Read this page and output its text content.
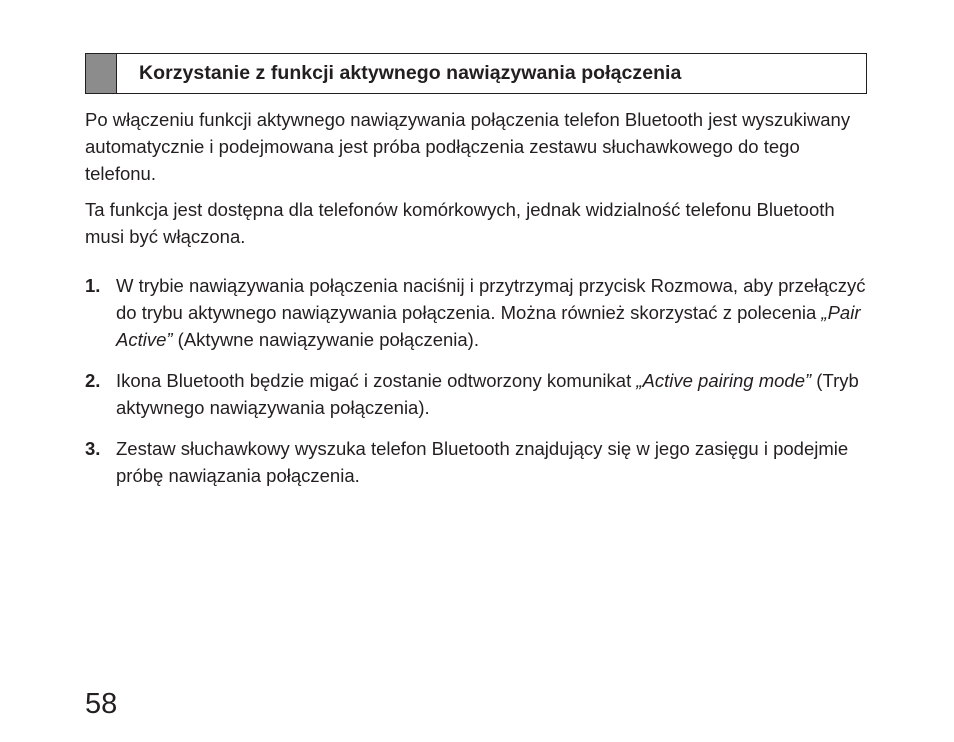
Korzystanie z funkcji aktywnego nawiązywania połączenia

Po włączeniu funkcji aktywnego nawiązywania połączenia telefon Bluetooth jest wyszukiwany automatycznie i podejmowana jest próba podłączenia zestawu słuchawkowego do tego telefonu.

Ta funkcja jest dostępna dla telefonów komórkowych, jednak widzialność telefonu Bluetooth musi być włączona.

1. W trybie nawiązywania połączenia naciśnij i przytrzymaj przycisk Rozmowa, aby przełączyć do trybu aktywnego nawiązywania połączenia. Można również skorzystać z polecenia „Pair Active” (Aktywne nawiązywanie połączenia).
2. Ikona Bluetooth będzie migać i zostanie odtworzony komunikat „Active pairing mode” (Tryb aktywnego nawiązywania połączenia).
3. Zestaw słuchawkowy wyszuka telefon Bluetooth znajdujący się w jego zasięgu i podejmie próbę nawiązania połączenia.
58
